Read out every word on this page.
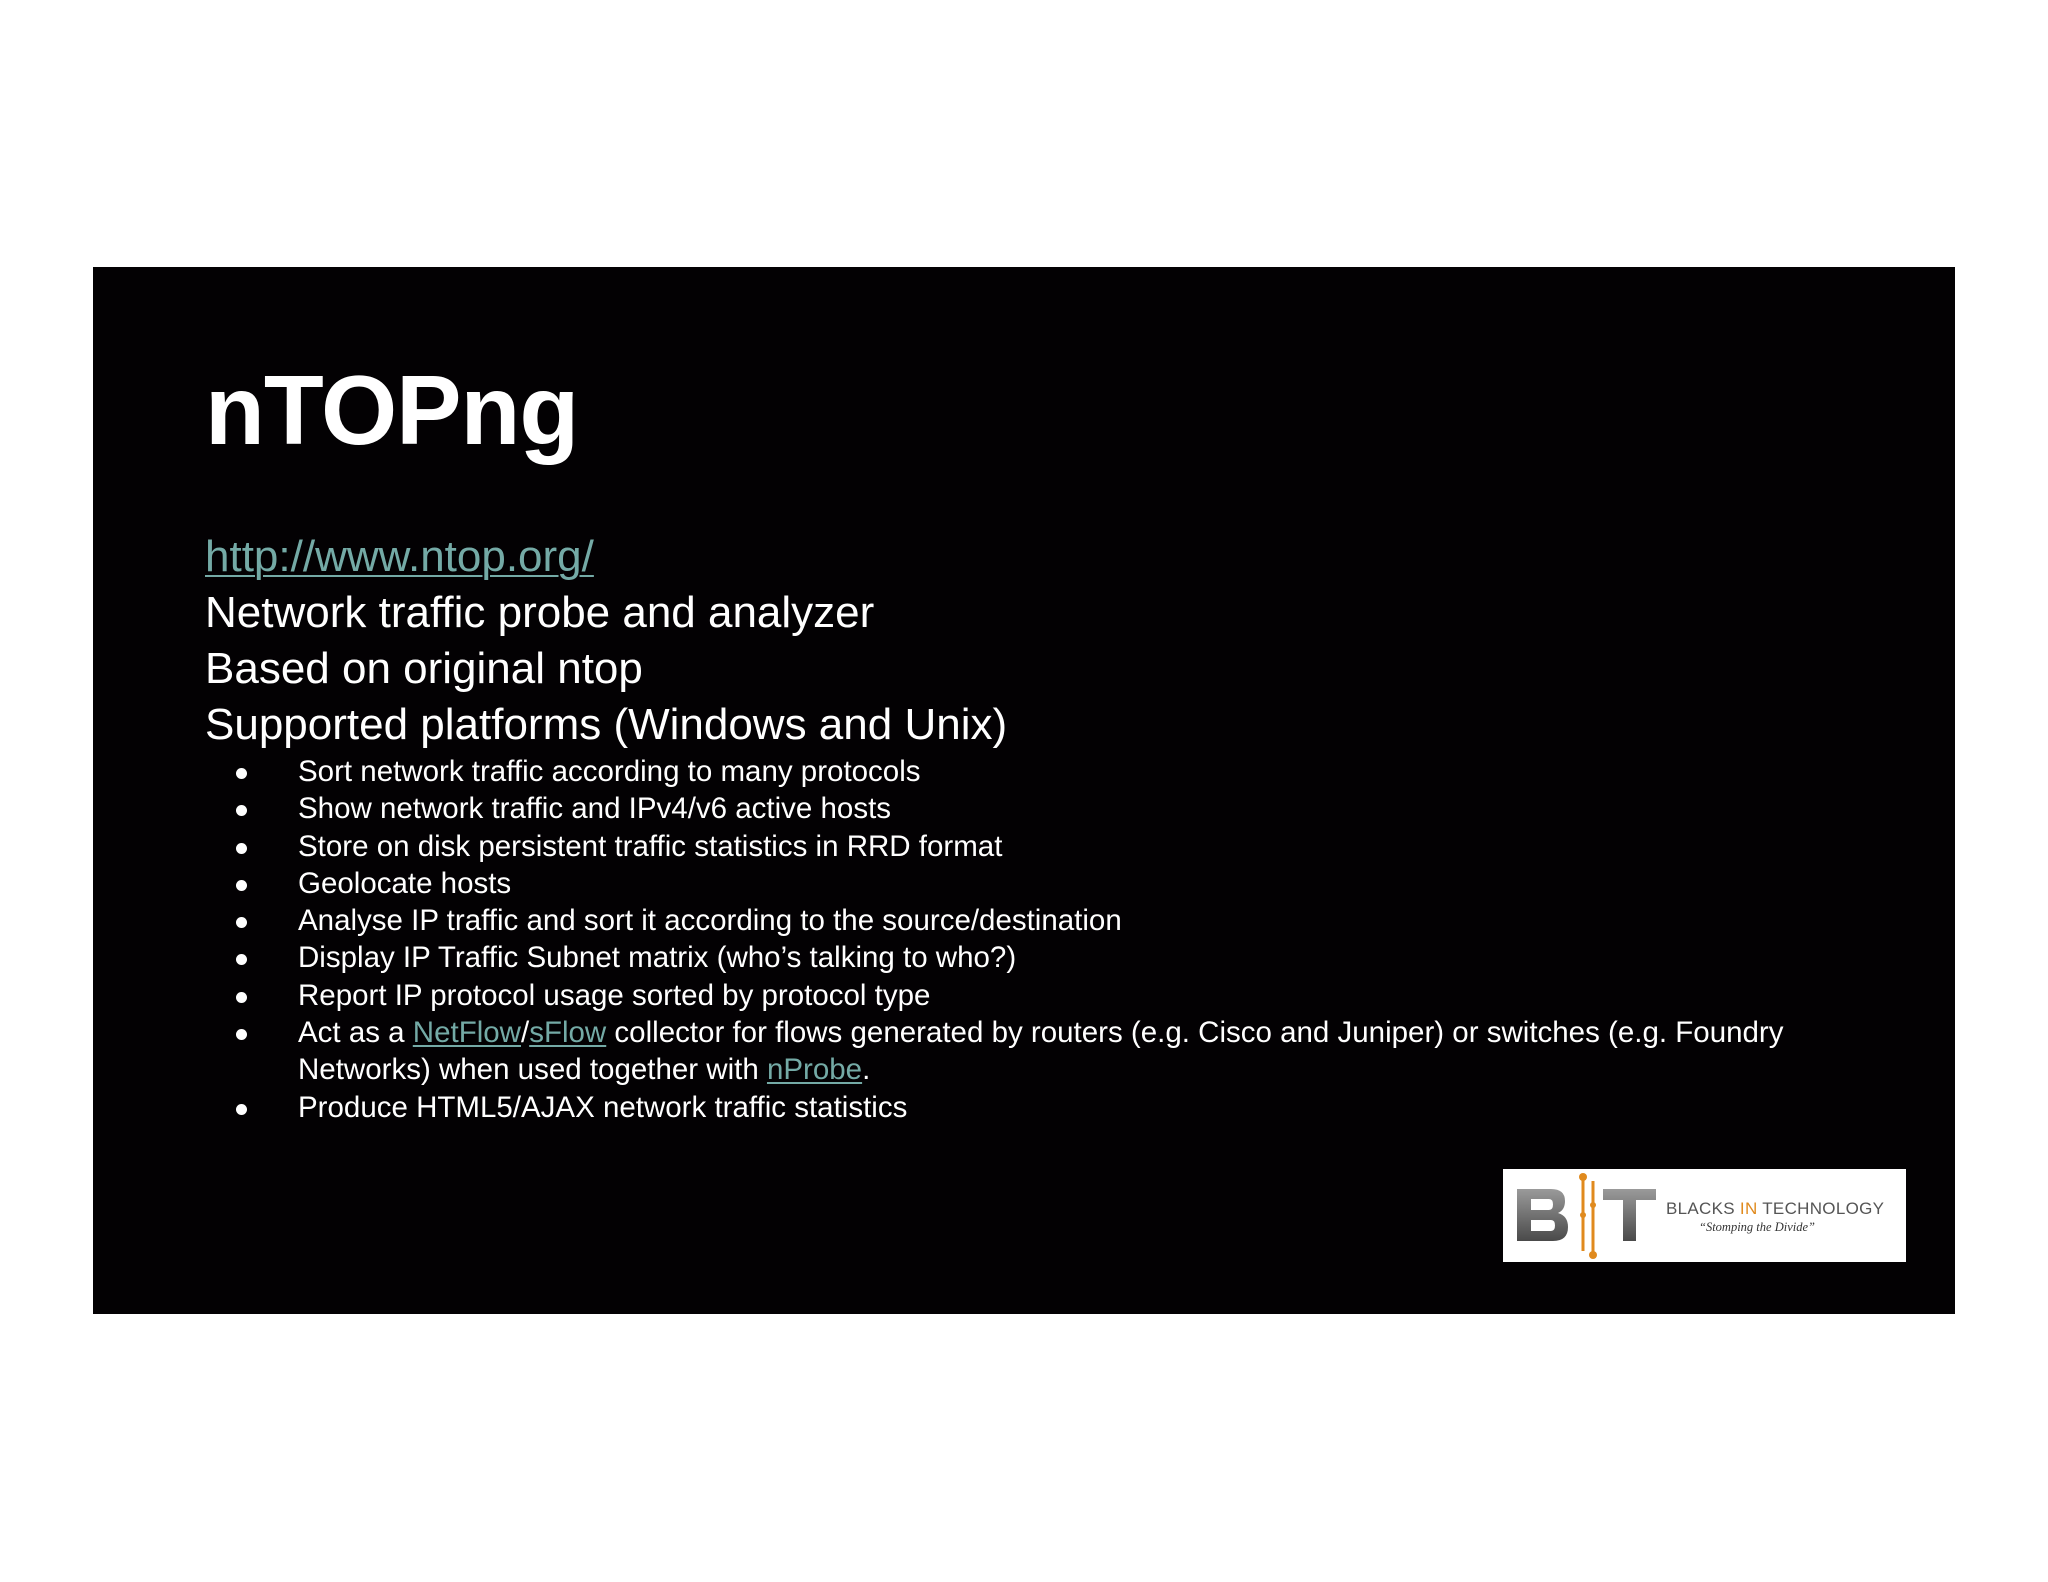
nTOPng
http://www.ntop.org/
Network traffic probe and analyzer
Based on original ntop
Supported platforms (Windows and Unix)
Sort network traffic according to many protocols
Show network traffic and IPv4/v6 active hosts
Store on disk persistent traffic statistics in RRD format
Geolocate hosts
Analyse IP traffic and sort it according to the source/destination
Display IP Traffic Subnet matrix (who’s talking to who?)
Report IP protocol usage sorted by protocol type
Act as a NetFlow/sFlow collector for flows generated by routers (e.g. Cisco and Juniper) or switches (e.g. Foundry Networks) when used together with nProbe.
Produce HTML5/AJAX network traffic statistics
BLACKS IN TECHNOLOGY
“Stomping the Divide”
